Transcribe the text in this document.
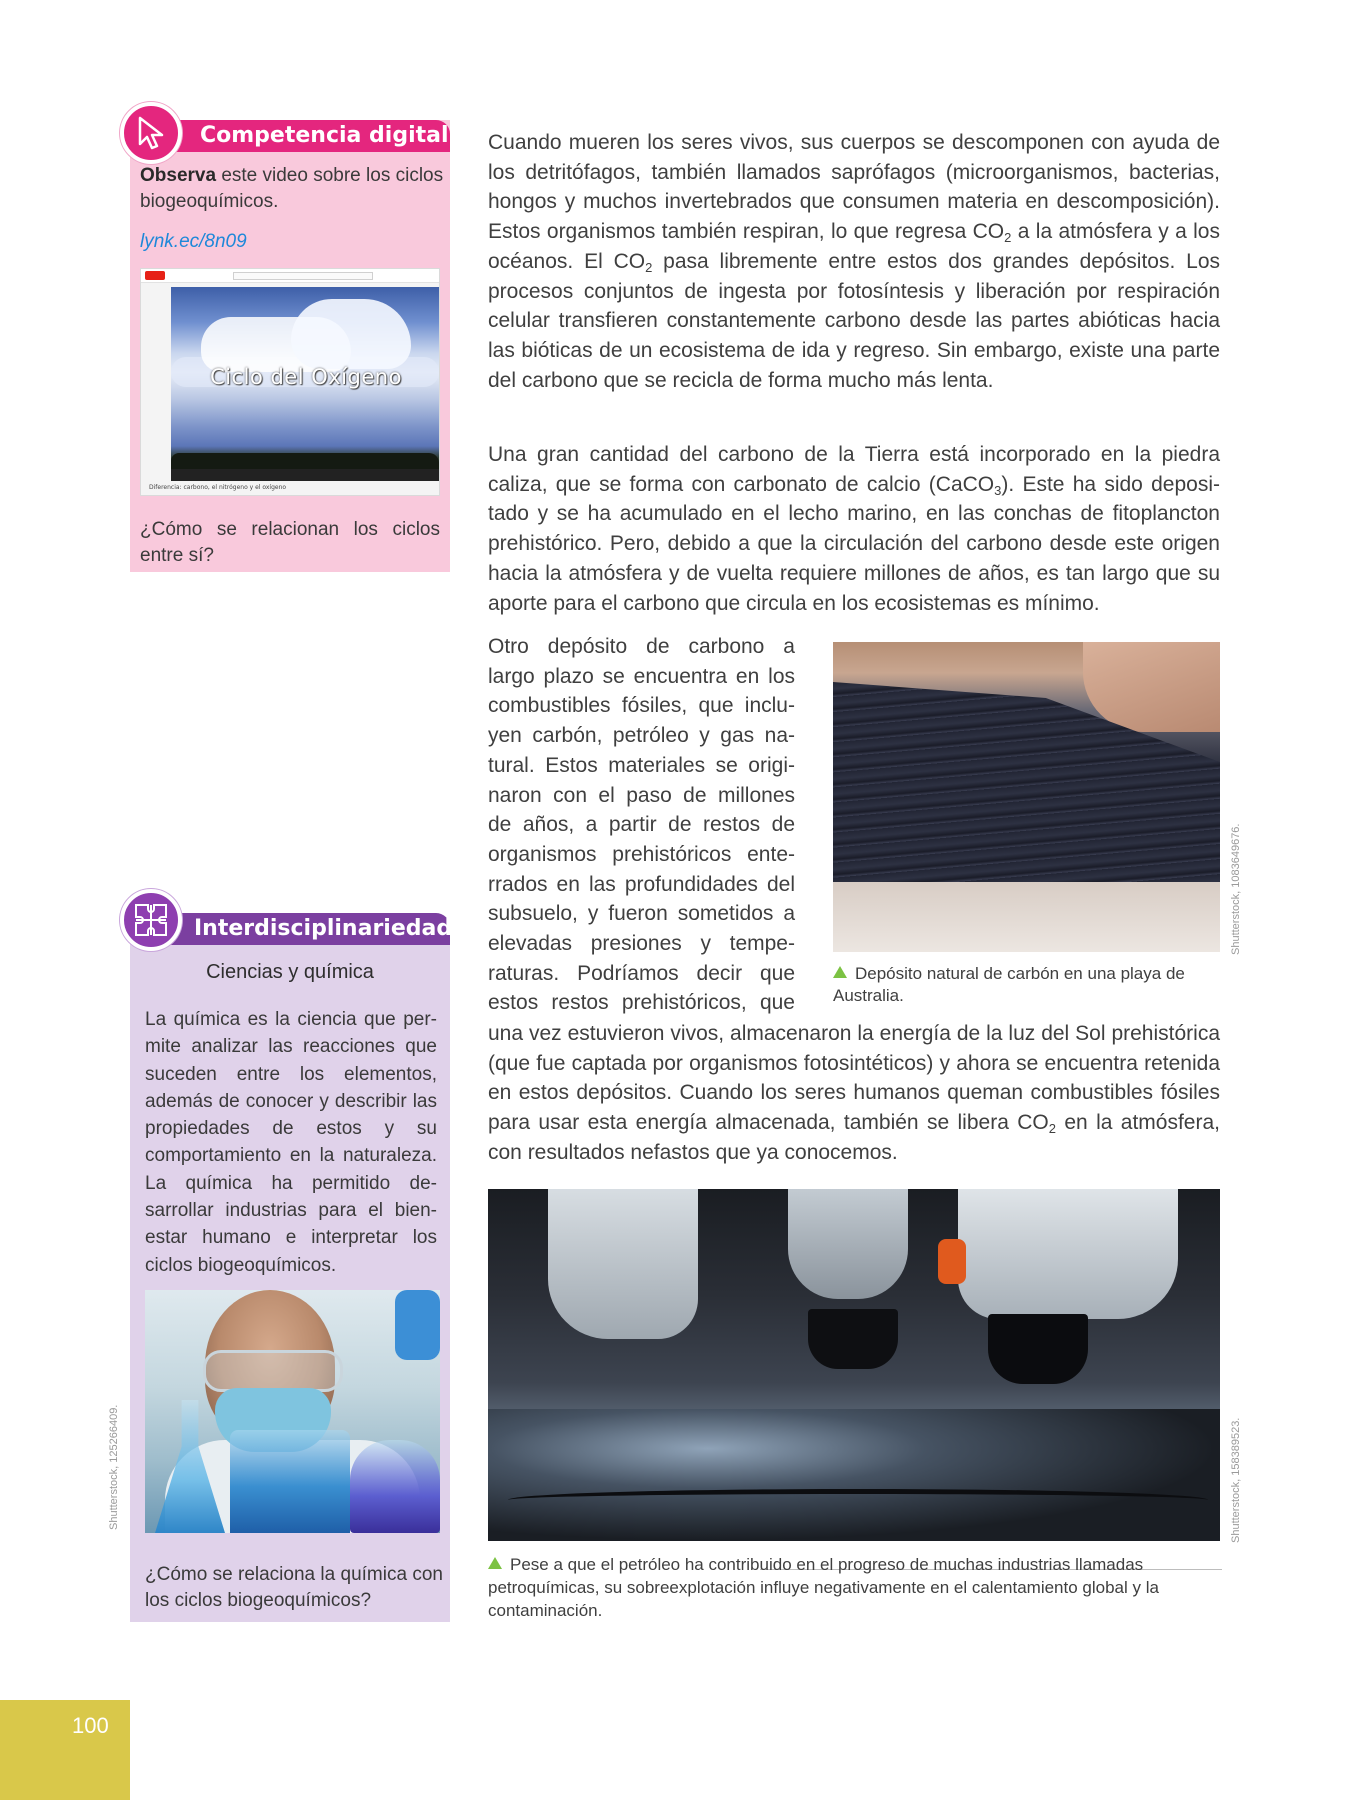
Competencia digital
Observa este video sobre los ciclos biogeoquímicos.
lynk.ec/8n09
Ciclo del Oxígeno
Diferencia: carbono, el nitrógeno y el oxígeno
¿Cómo se relacionan los ciclos entre sí?
Interdisciplinariedad
Ciencias y química
La química es la ciencia que permite analizar las reacciones que suceden entre los elementos, además de conocer y describir las propiedades de estos y su comportamiento en la naturaleza. La química ha permitido desarrollar industrias para el bienestar humano e interpretar los ciclos biogeoquímicos.
Shutterstock, 125266409.
¿Cómo se relaciona la química con los ciclos biogeoquímicos?

Cuando mueren los seres vivos, sus cuerpos se descomponen con ayuda de los detritófagos, también llamados saprófagos (microorganismos, bacterias, hongos y muchos invertebrados que consumen materia en descomposición). Estos organismos también respiran, lo que regresa $CO_2$ a la atmósfera y a los océanos. El $CO_2$ pasa libremente entre estos dos grandes depósitos. Los procesos conjuntos de ingesta por fotosíntesis y liberación por respiración celular transfieren constantemente carbono desde las partes abióticas hacia las bióticas de un ecosistema de ida y regreso. Sin embargo, existe una parte del carbono que se recicla de forma mucho más lenta.

Una gran cantidad del carbono de la Tierra está incorporado en la piedra caliza, que se forma con carbonato de calcio (CaCO$_3$). Este ha sido depositado y se ha acumulado en el lecho marino, en las conchas de fitoplancton prehistórico. Pero, debido a que la circulación del carbono desde este origen hacia la atmósfera y de vuelta requiere millones de años, es tan largo que su aporte para el carbono que circula en los ecosistemas es mínimo.

Otro depósito de carbono a largo plazo se encuentra en los combustibles fósiles, que incluyen carbón, petróleo y gas natural. Estos materiales se originaron con el paso de millones de años, a partir de restos de organismos prehistóricos enterrados en las profundidades del subsuelo, y fueron sometidos a elevadas presiones y temperaturas. Podríamos decir que estos restos prehistóricos, que

una vez estuvieron vivos, almacenaron la energía de la luz del Sol prehistórica (que fue captada por organismos fotosintéticos) y ahora se encuentra retenida en estos depósitos. Cuando los seres humanos queman combustibles fósiles para usar esta energía almacenada, también se libera $CO_2$ en la atmósfera, con resultados nefastos que ya conocemos.

Shutterstock, 1083649676.
Depósito natural de carbón en una playa de Australia.
Shutterstock, 158389523.
Pese a que el petróleo ha contribuido en el progreso de muchas industrias llamadas petroquímicas, su sobreexplotación influye negativamente en el calentamiento global y la contaminación.
100
